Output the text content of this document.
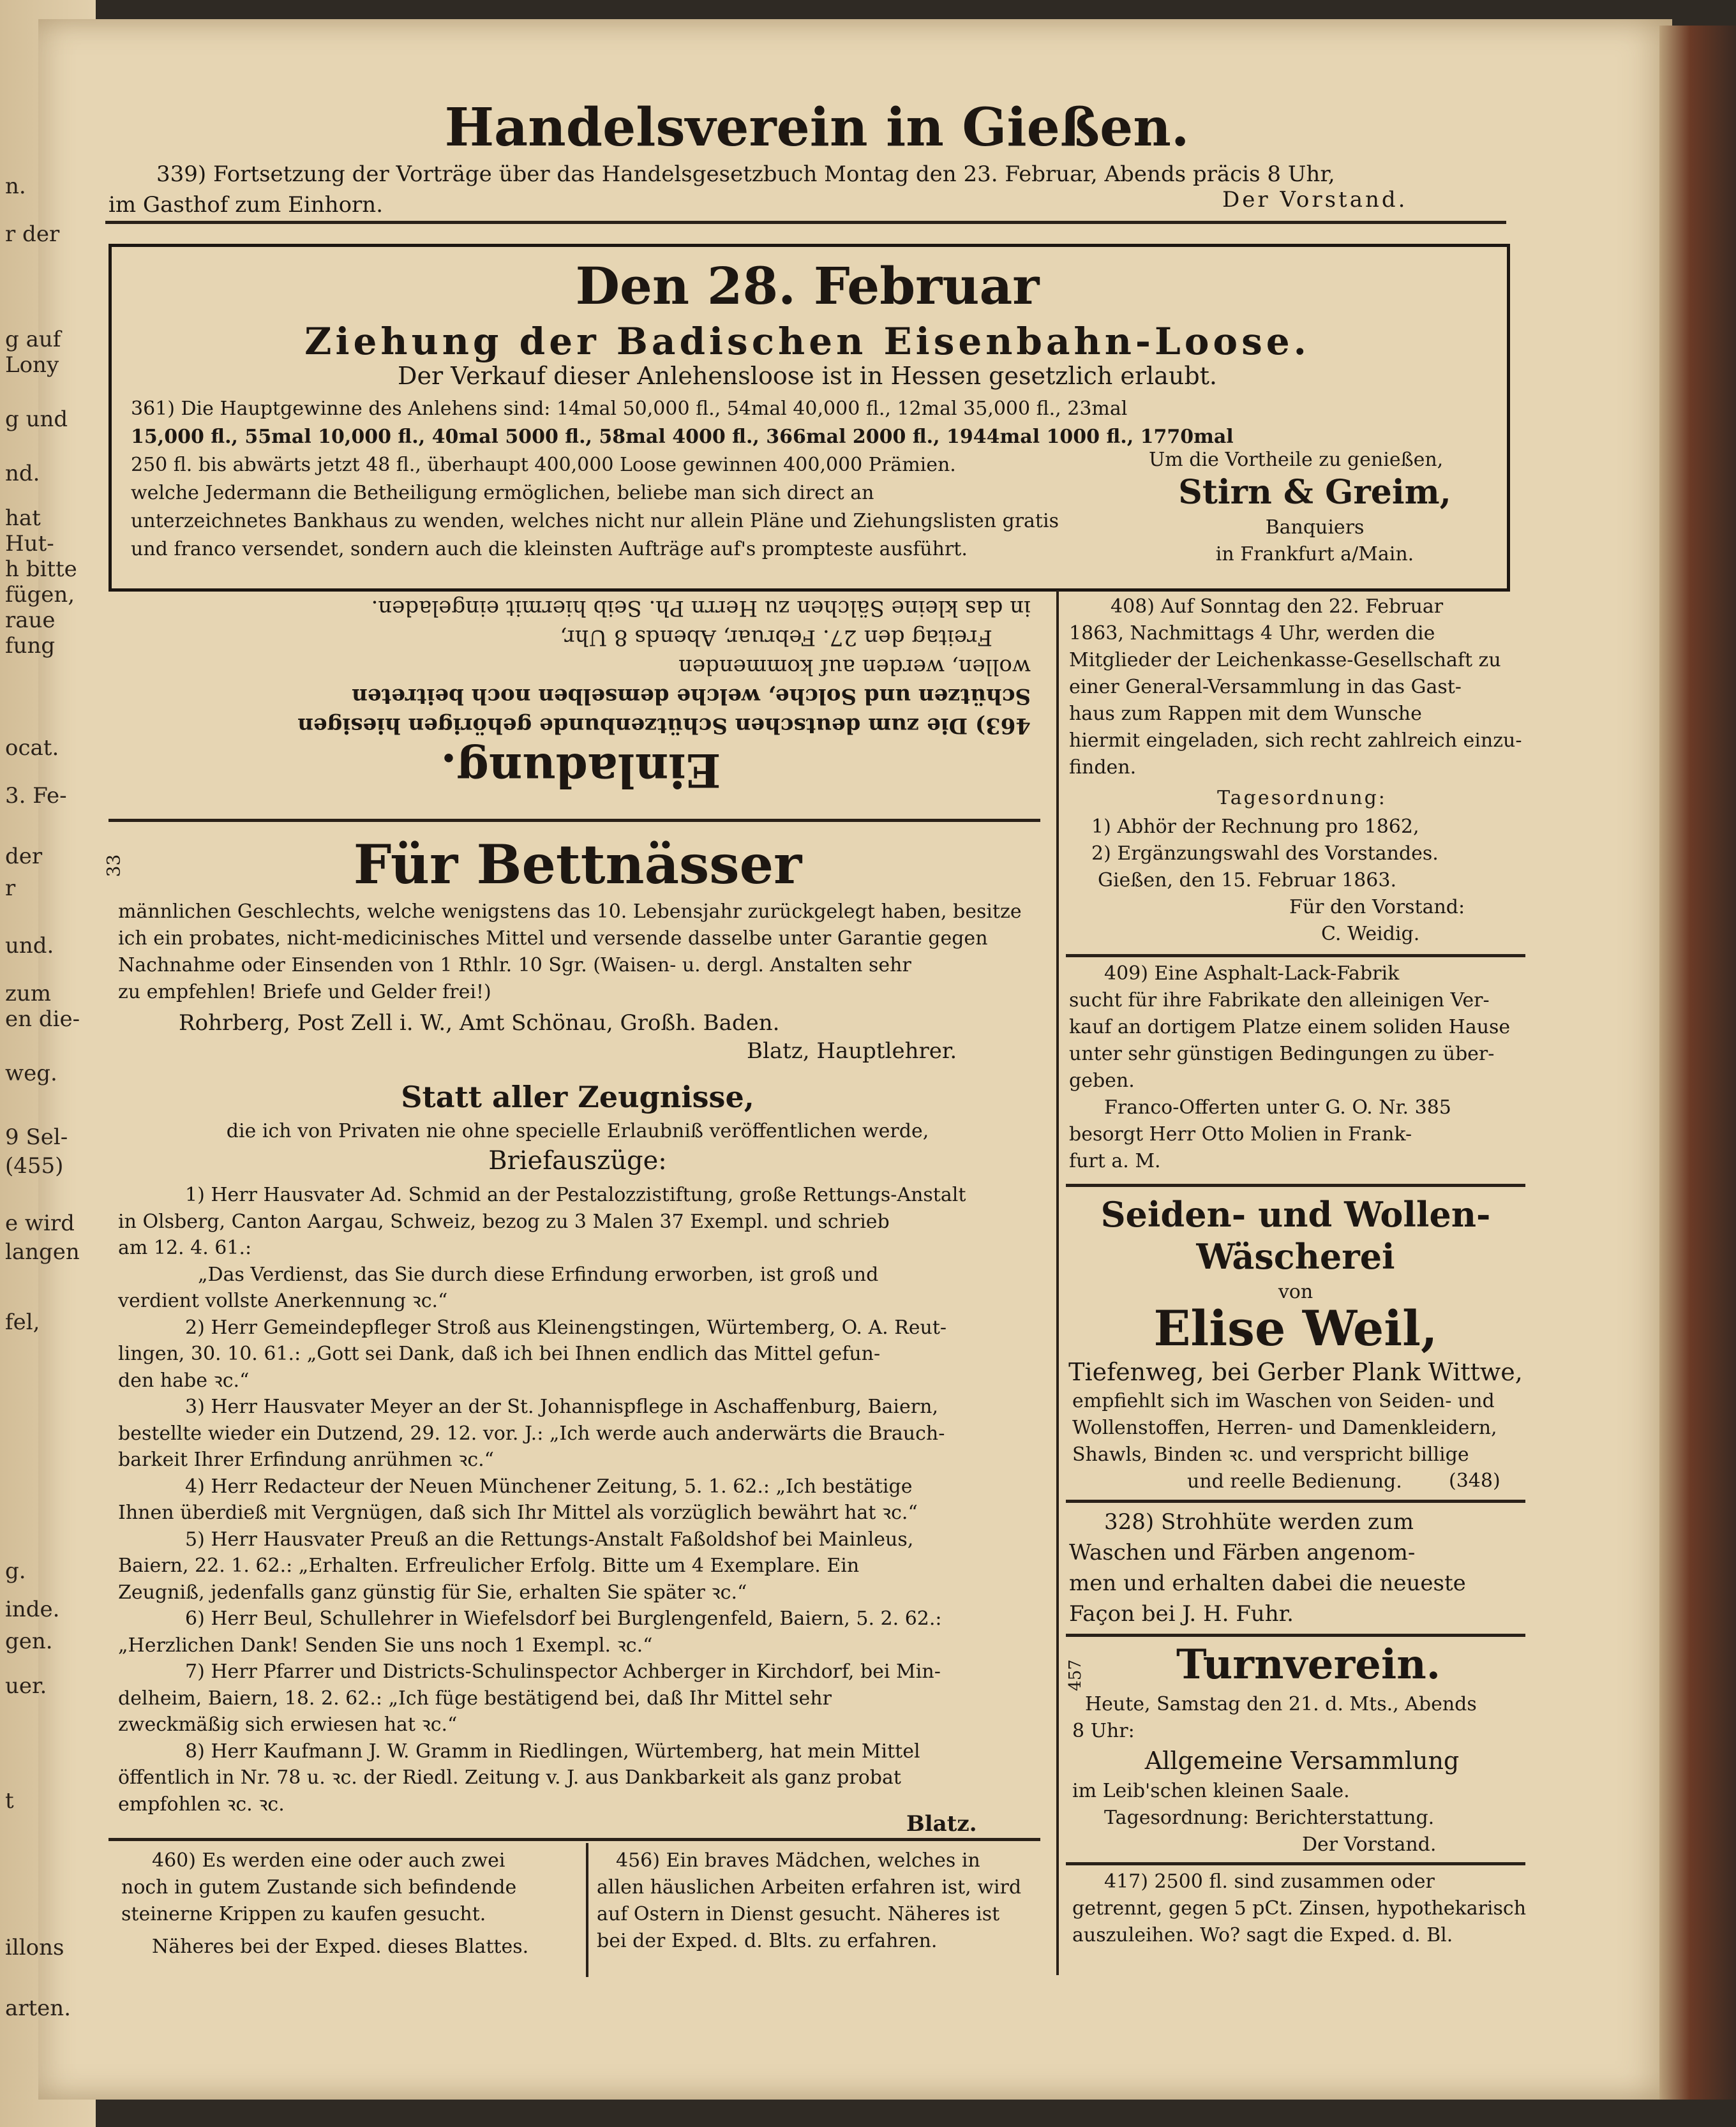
n.
r der
g auf
Lony
g und
nd.
hat
Hut-
h bitte
fügen,
raue
fung
ocat.
3. Fe-
der
r
und.
zum
en die-
weg.
9 Sel-
(455)
e wird
langen
fel,
g.
inde.
gen.
uer.
t
illons
arten.
Handelsverein in Gießen.
339) Fortsetzung der Vorträge über das Handelsgesetzbuch Montag den 23. Februar, Abends präcis 8 Uhr,
im Gasthof zum Einhorn.	Der Vorstand.
Den 28. Februar
Ziehung der Badischen Eisenbahn-Loose.
Der Verkauf dieser Anlehensloose ist in Hessen gesetzlich erlaubt.
361) Die Hauptgewinne des Anlehens sind: 14mal 50,000 fl., 54mal 40,000 fl., 12mal 35,000 fl., 23mal
15,000 fl., 55mal 10,000 fl., 40mal 5000 fl., 58mal 4000 fl., 366mal 2000 fl., 1944mal 1000 fl., 1770mal
250 fl. bis abwärts jetzt 48 fl., überhaupt 400,000 Loose gewinnen 400,000 Prämien.	Um die Vortheile zu genießen,
welche Jedermann die Betheiligung ermöglichen, beliebe man sich direct an
unterzeichnetes Bankhaus zu wenden, welches nicht nur allein Pläne und Ziehungslisten gratis
und franco versendet, sondern auch die kleinsten Aufträge auf's prompteste ausführt.
Stirn & Greim,
Banquiers
in Frankfurt a/Main.
Einladung.
463) Die zum deutschen Schützenbunde gehörigen hiesigen
Schützen und Solche, welche demselben noch beitreten
wollen, werden auf kommenden
Freitag den 27. Februar, Abends 8 Uhr,
in das kleine Sälchen zu Herrn Ph. Seib hiermit eingeladen.
33	Für Bettnässer
männlichen Geschlechts, welche wenigstens das 10. Lebensjahr zurückgelegt haben, besitze
ich ein probates, nicht-medicinisches Mittel und versende dasselbe unter Garantie gegen
Nachnahme oder Einsenden von 1 Rthlr. 10 Sgr. (Waisen- u. dergl. Anstalten sehr
zu empfehlen! Briefe und Gelder frei!)
Rohrberg, Post Zell i. W., Amt Schönau, Großh. Baden.
Blatz, Hauptlehrer.
Statt aller Zeugnisse,
die ich von Privaten nie ohne specielle Erlaubniß veröffentlichen werde,
Briefauszüge:
1) Herr Hausvater Ad. Schmid an der Pestalozzistiftung, große Rettungs-Anstalt
in Olsberg, Canton Aargau, Schweiz, bezog zu 3 Malen 37 Exempl. und schrieb
am 12. 4. 61.:
„Das Verdienst, das Sie durch diese Erfindung erworben, ist groß und
verdient vollste Anerkennung ꝛc.“
2) Herr Gemeindepfleger Stroß aus Kleinengstingen, Würtemberg, O. A. Reut-
lingen, 30. 10. 61.: „Gott sei Dank, daß ich bei Ihnen endlich das Mittel gefun-
den habe ꝛc.“
3) Herr Hausvater Meyer an der St. Johannispflege in Aschaffenburg, Baiern,
bestellte wieder ein Dutzend, 29. 12. vor. J.: „Ich werde auch anderwärts die Brauch-
barkeit Ihrer Erfindung anrühmen ꝛc.“
4) Herr Redacteur der Neuen Münchener Zeitung, 5. 1. 62.: „Ich bestätige
Ihnen überdieß mit Vergnügen, daß sich Ihr Mittel als vorzüglich bewährt hat ꝛc.“
5) Herr Hausvater Preuß an die Rettungs-Anstalt Faßoldshof bei Mainleus,
Baiern, 22. 1. 62.: „Erhalten. Erfreulicher Erfolg. Bitte um 4 Exemplare. Ein
Zeugniß, jedenfalls ganz günstig für Sie, erhalten Sie später ꝛc.“
6) Herr Beul, Schullehrer in Wiefelsdorf bei Burglengenfeld, Baiern, 5. 2. 62.:
„Herzlichen Dank! Senden Sie uns noch 1 Exempl. ꝛc.“
7) Herr Pfarrer und Districts-Schulinspector Achberger in Kirchdorf, bei Min-
delheim, Baiern, 18. 2. 62.: „Ich füge bestätigend bei, daß Ihr Mittel sehr
zweckmäßig sich erwiesen hat ꝛc.“
8) Herr Kaufmann J. W. Gramm in Riedlingen, Würtemberg, hat mein Mittel
öffentlich in Nr. 78 u. ꝛc. der Riedl. Zeitung v. J. aus Dankbarkeit als ganz probat
empfohlen ꝛc. ꝛc.
Blatz.
460) Es werden eine oder auch zwei
noch in gutem Zustande sich befindende
steinerne Krippen zu kaufen gesucht.
Näheres bei der Exped. dieses Blattes.
456) Ein braves Mädchen, welches in
allen häuslichen Arbeiten erfahren ist, wird
auf Ostern in Dienst gesucht. Näheres ist
bei der Exped. d. Blts. zu erfahren.
408) Auf Sonntag den 22. Februar
1863, Nachmittags 4 Uhr, werden die
Mitglieder der Leichenkasse-Gesellschaft zu
einer General-Versammlung in das Gast-
haus zum Rappen mit dem Wunsche
hiermit eingeladen, sich recht zahlreich einzu-
finden.
Tagesordnung:
1) Abhör der Rechnung pro 1862,
2) Ergänzungswahl des Vorstandes.
Gießen, den 15. Februar 1863.
Für den Vorstand:
C. Weidig.
409) Eine Asphalt-Lack-Fabrik
sucht für ihre Fabrikate den alleinigen Ver-
kauf an dortigem Platze einem soliden Hause
unter sehr günstigen Bedingungen zu über-
geben.
Franco-Offerten unter G. O. Nr. 385
besorgt Herr Otto Molien in Frank-
furt a. M.
Seiden- und Wollen-
Wäscherei
von
Elise Weil,
Tiefenweg, bei Gerber Plank Wittwe,
empfiehlt sich im Waschen von Seiden- und
Wollenstoffen, Herren- und Damenkleidern,
Shawls, Binden ꝛc. und verspricht billige
und reelle Bedienung.	(348)
328) Strohhüte werden zum
Waschen und Färben angenom-
men und erhalten dabei die neueste
Façon bei J. H. Fuhr.
457	Turnverein.
Heute, Samstag den 21. d. Mts., Abends
8 Uhr:
Allgemeine Versammlung
im Leib'schen kleinen Saale.
Tagesordnung: Berichterstattung.
Der Vorstand.
417) 2500 fl. sind zusammen oder
getrennt, gegen 5 pCt. Zinsen, hypothekarisch
auszuleihen. Wo? sagt die Exped. d. Bl.
